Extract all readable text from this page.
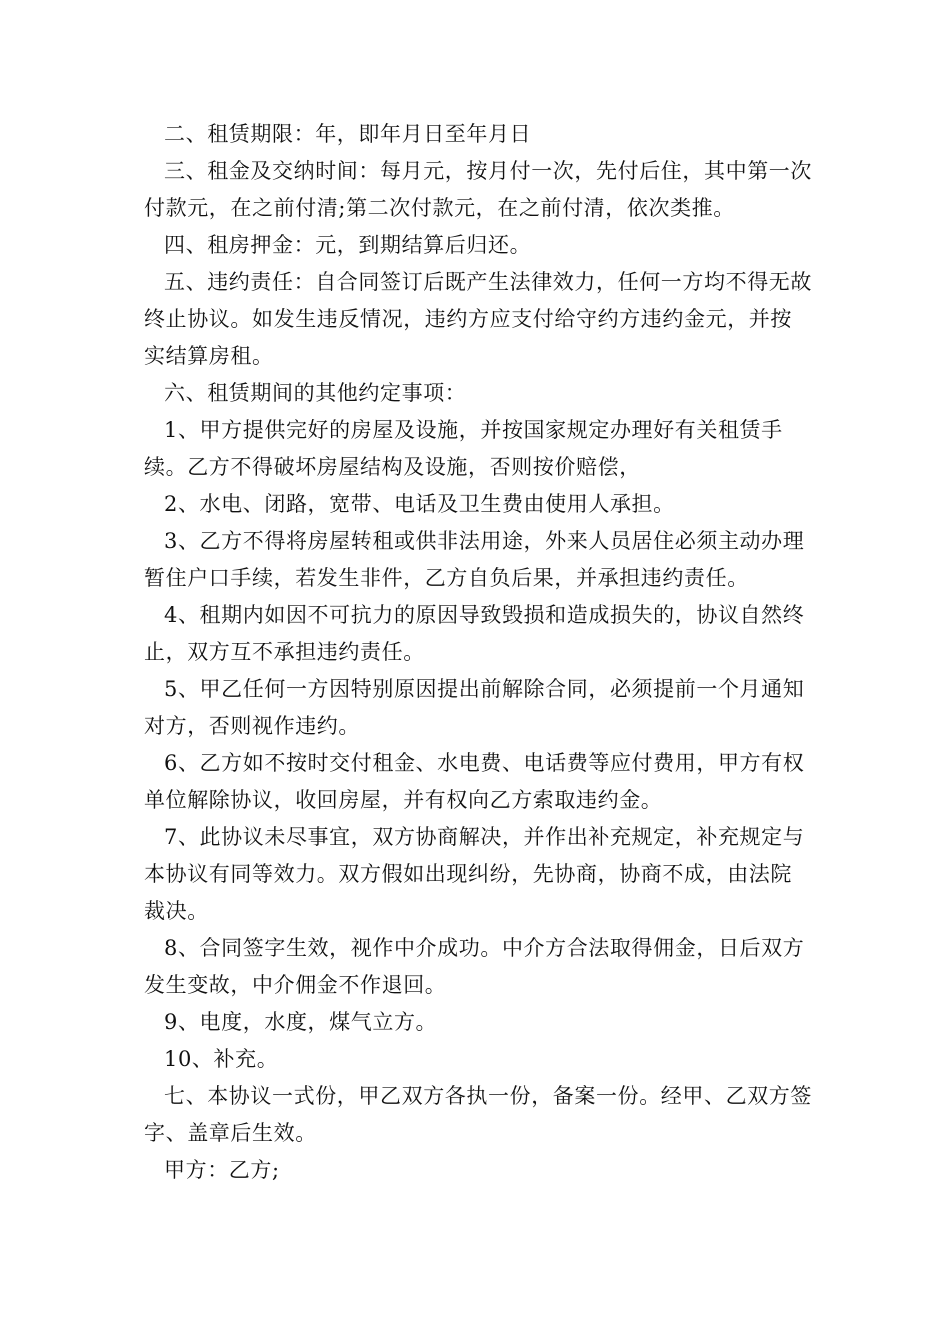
二、租赁期限：年，即年月日至年月日

三、租金及交纳时间：每月元，按月付一次，先付后住，其中第一次付款元，在之前付清;第二次付款元，在之前付清，依次类推。

四、租房押金：元，到期结算后归还。

五、违约责任：自合同签订后既产生法律效力，任何一方均不得无故终止协议。如发生违反情况，违约方应支付给守约方违约金元，并按实结算房租。

六、租赁期间的其他约定事项：

1、甲方提供完好的房屋及设施，并按国家规定办理好有关租赁手续。乙方不得破坏房屋结构及设施，否则按价赔偿，

2、水电、闭路，宽带、电话及卫生费由使用人承担。

3、乙方不得将房屋转租或供非法用途，外来人员居住必须主动办理暂住户口手续，若发生非件，乙方自负后果，并承担违约责任。

4、租期内如因不可抗力的原因导致毁损和造成损失的，协议自然终止，双方互不承担违约责任。

5、甲乙任何一方因特别原因提出前解除合同，必须提前一个月通知对方，否则视作违约。

6、乙方如不按时交付租金、水电费、电话费等应付费用，甲方有权单位解除协议，收回房屋，并有权向乙方索取违约金。

7、此协议未尽事宜，双方协商解决，并作出补充规定，补充规定与本协议有同等效力。双方假如出现纠纷，先协商，协商不成，由法院裁决。

8、合同签字生效，视作中介成功。中介方合法取得佣金，日后双方发生变故，中介佣金不作退回。

9、电度，水度，煤气立方。

10、补充。

七、本协议一式份，甲乙双方各执一份，备案一份。经甲、乙双方签字、盖章后生效。

甲方：乙方;
